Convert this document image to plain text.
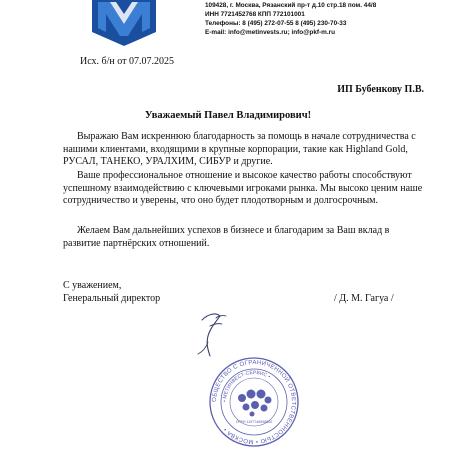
109428, г. Москва, Рязанский пр-т д.10 стр.18 пом. 44/8
ИНН 7721452768 КПП 772101001
Телефоны: 8 (495) 272-07-55 8 (495) 230-70-33
E-mail: info@metinvests.ru; info@pkf-m.ru
Исх. б/н от 07.07.2025
ИП Бубенкову П.В.
Уважаемый Павел Владимирович!

Выражаю Вам искреннюю благодарность за помощь в начале сотрудничества с нашими клиентами, входящими в крупные корпорации, такие как Highland Gold, РУСАЛ, ТАНЕКО, УРАЛХИМ, СИБУР и другие.

Ваше профессиональное отношение и высокое качество работы способствуют успешному взаимодействию с ключевыми игроками рынка. Мы высоко ценим наше сотрудничество и уверены, что оно будет плодотворным и долгосрочным.

Желаем Вам дальнейших успехов в бизнесе и благодарим за Ваш вклад в развитие партнёрских отношений.

С уважением,
Генеральный директор	/ Д. М. Гагуа /
ОБЩЕСТВО С ОГРАНИЧЕННОЙ ОТВЕТСТВЕННОСТЬЮ • МОСКВА •
• МЕТИНВЕСТ-СЕРВИС •
ОГРН 1197746598800
